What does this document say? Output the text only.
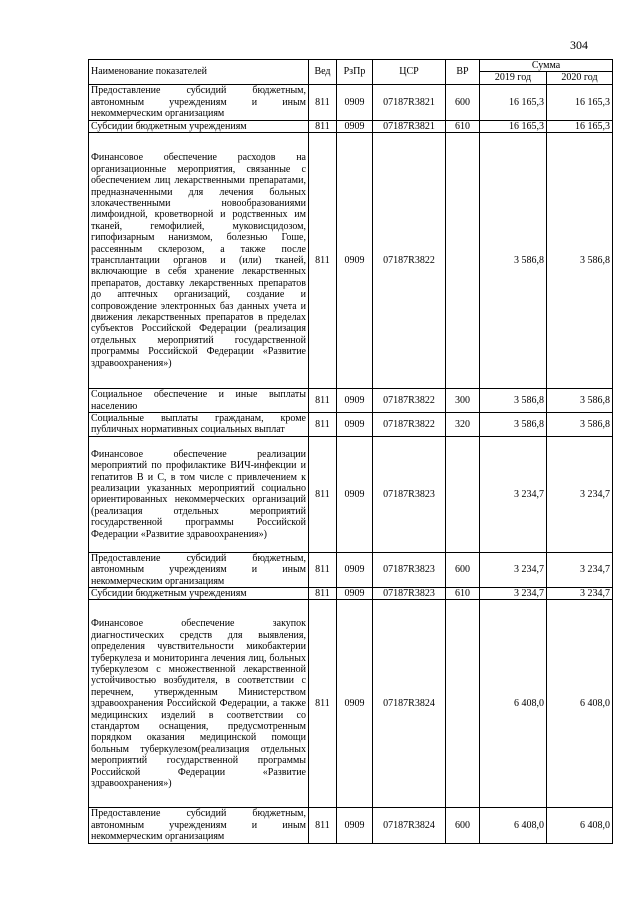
304
Наименование показателей	Вед	РзПр	ЦСР	ВР	Сумма	
					2019 год	2020 год
Предоставление субсидий бюджетным, автономным учреждениям и иным некоммерческим организациям	811	0909	07187R3821	600	16 165,3	16 165,3
Субсидии бюджетным учреждениям	811	0909	07187R3821	610	16 165,3	16 165,3
Финансовое обеспечение расходов на организационные мероприятия, связанные с обеспечением лиц лекарственными препаратами, предназначенными для лечения больных злокачественными новообразованиями лимфоидной, кроветворной и родственных им тканей, гемофилией, муковисцидозом, гипофизарным нанизмом, болезнью Гоше, рассеянным склерозом, а также после трансплантации органов и (или) тканей, включающие в себя хранение лекарственных препаратов, доставку лекарственных препаратов до аптечных организаций, создание и сопровождение электронных баз данных учета и движения лекарственных препаратов в пределах субъектов Российской Федерации (реализация отдельных мероприятий государственной программы Российской Федерации «Развитие здравоохранения»)	811	0909	07187R3822		3 586,8	3 586,8
Социальное обеспечение и иные выплаты населению	811	0909	07187R3822	300	3 586,8	3 586,8
Социальные выплаты гражданам, кроме публичных нормативных социальных выплат	811	0909	07187R3822	320	3 586,8	3 586,8
Финансовое обеспечение реализации мероприятий по профилактике ВИЧ-инфекции и гепатитов В и С, в том числе с привлечением к реализации указанных мероприятий социально ориентированных некоммерческих организаций (реализация отдельных мероприятий государственной программы Российской Федерации «Развитие здравоохранения»)	811	0909	07187R3823		3 234,7	3 234,7
Предоставление субсидий бюджетным, автономным учреждениям и иным некоммерческим организациям	811	0909	07187R3823	600	3 234,7	3 234,7
Субсидии бюджетным учреждениям	811	0909	07187R3823	610	3 234,7	3 234,7
Финансовое обеспечение закупок диагностических средств для выявления, определения чувствительности микобактерии туберкулеза и мониторинга лечения лиц, больных туберкулезом с множественной лекарственной устойчивостью возбудителя, в соответствии с перечнем, утвержденным Министерством здравоохранения Российской Федерации, а также медицинских изделий в соответствии со стандартом оснащения, предусмотренным порядком оказания медицинской помощи больным туберкулезом(реализация отдельных мероприятий государственной программы Российской Федерации «Развитие здравоохранения»)	811	0909	07187R3824		6 408,0	6 408,0
Предоставление субсидий бюджетным, автономным учреждениям и иным некоммерческим организациям	811	0909	07187R3824	600	6 408,0	6 408,0
